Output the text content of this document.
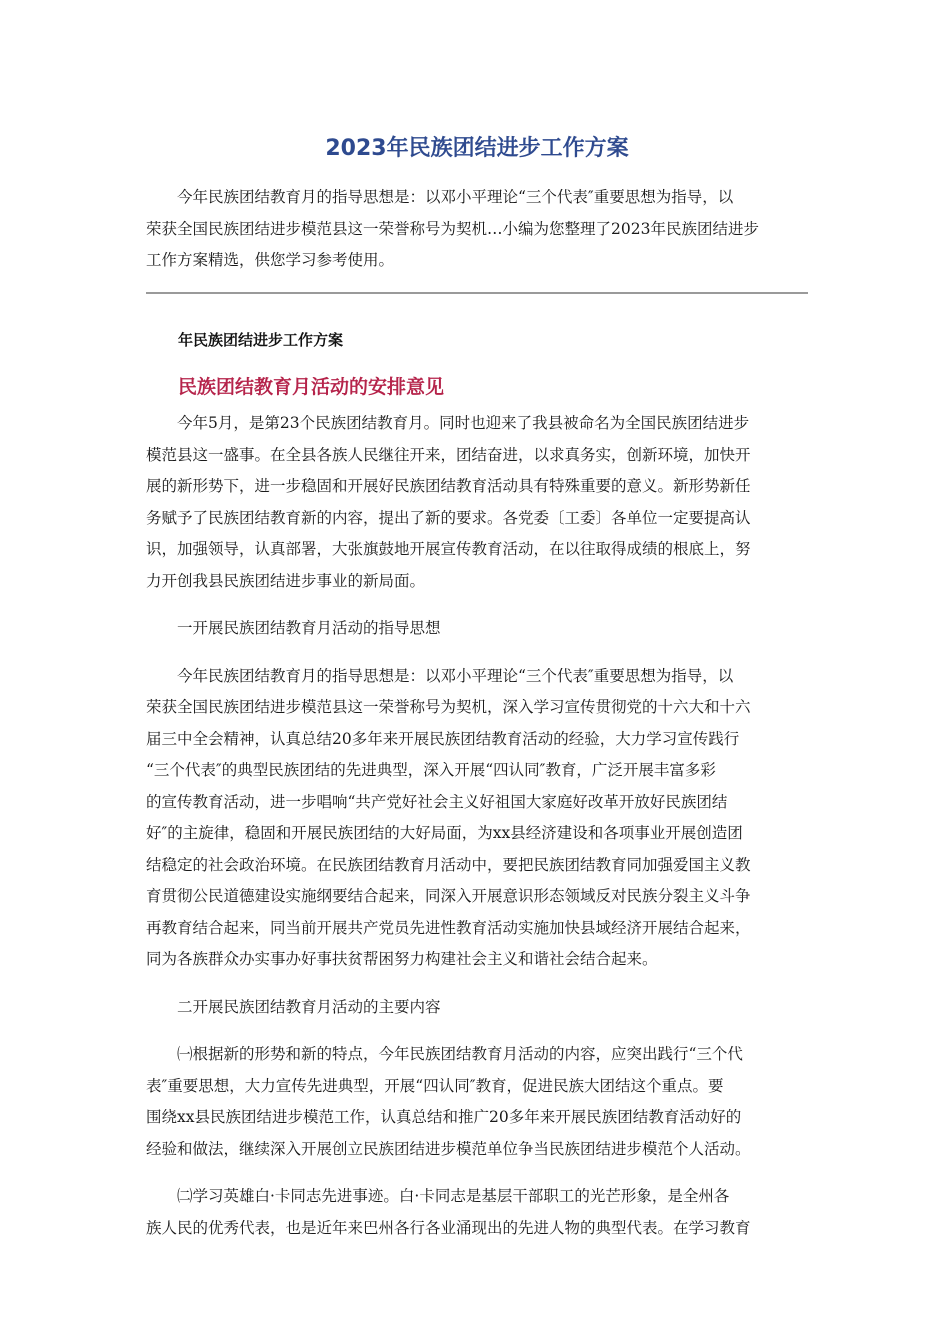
2023年民族团结进步工作方案

今年民族团结教育月的指导思想是：以邓小平理论“三个代表″重要思想为指导，以
荣获全国民族团结进步模范县这一荣誉称号为契机…小编为您整理了2023年民族团结进步
工作方案精选，供您学习参考使用。

年民族团结进步工作方案
民族团结教育月活动的安排意见

今年5月，是第23个民族团结教育月。同时也迎来了我县被命名为全国民族团结进步
模范县这一盛事。在全县各族人民继往开来，团结奋进，以求真务实，创新环境，加快开
展的新形势下，进一步稳固和开展好民族团结教育活动具有特殊重要的意义。新形势新任
务赋予了民族团结教育新的内容，提出了新的要求。各党委〔工委〕各单位一定要提高认
识，加强领导，认真部署，大张旗鼓地开展宣传教育活动，在以往取得成绩的根底上，努
力开创我县民族团结进步事业的新局面。

一开展民族团结教育月活动的指导思想

今年民族团结教育月的指导思想是：以邓小平理论“三个代表″重要思想为指导，以
荣获全国民族团结进步模范县这一荣誉称号为契机，深入学习宣传贯彻党的十六大和十六
届三中全会精神，认真总结20多年来开展民族团结教育活动的经验，大力学习宣传践行
“三个代表″的典型民族团结的先进典型，深入开展“四认同″教育，广泛开展丰富多彩
的宣传教育活动，进一步唱响“共产党好社会主义好祖国大家庭好改革开放好民族团结
好″的主旋律，稳固和开展民族团结的大好局面，为xx县经济建设和各项事业开展创造团
结稳定的社会政治环境。在民族团结教育月活动中，要把民族团结教育同加强爱国主义教
育贯彻公民道德建设实施纲要结合起来，同深入开展意识形态领域反对民族分裂主义斗争
再教育结合起来，同当前开展共产党员先进性教育活动实施加快县域经济开展结合起来，
同为各族群众办实事办好事扶贫帮困努力构建社会主义和谐社会结合起来。

二开展民族团结教育月活动的主要内容

㈠根据新的形势和新的特点，今年民族团结教育月活动的内容，应突出践行“三个代
表″重要思想，大力宣传先进典型，开展“四认同″教育，促进民族大团结这个重点。要
围绕xx县民族团结进步模范工作，认真总结和推广20多年来开展民族团结教育活动好的
经验和做法，继续深入开展创立民族团结进步模范单位争当民族团结进步模范个人活动。

㈡学习英雄白·卡同志先进事迹。白·卡同志是基层干部职工的光芒形象，是全州各
族人民的优秀代表，也是近年来巴州各行各业涌现出的先进人物的典型代表。在学习教育
